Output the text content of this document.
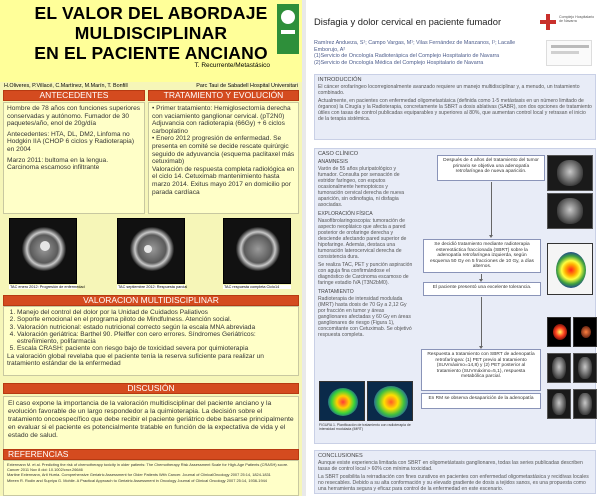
EL VALOR DEL ABORDAJE
MULDISCIPLINAR
EN EL PACIENTE ANCIANO
T. Recurrente/Metastásico
H.Oliveres, P.Villacé, C.Martínez, M.Marín, T. Bonfill	Parc Taui de Sabadell Hospital Universitari
ANTECEDENTES

Hombre de 78 años con funciones superiores conservadas y autónomo. Fumador de 30 paquetes/año, enol de 20g/día

Antecedentes: HTA, DL, DM2, Linfoma no Hodgkin IIA (CHOP 6 ciclos y Radioterapia) en 2004

Marzo 2011: bultoma en la lengua. Carcinoma escamoso infiltrante

TRATAMIENTO Y EVOLUCIÓN

• Primer tratamiento: Hemiglosectomía derecha con vaciamiento ganglionar cervical. (pT2N0) Adjuvancia con radioterapia (66Gy) + 6 ciclos carboplatino

• Enero 2012 progresión de enfermedad. Se presenta en comité se decide rescate quirúrgic seguido de adyuvancia (esquema paclitaxel más cetuximab)

Valoración de respuesta completa radiológica en el ciclo 14. Cetuximab mantenimiento hasta marzo 2014. Exitus mayo 2017 en domicilio por parada cardíaca

TAC enero 2012: Progresión de enfermedad	TAC septiembre 2012: Respuesta parcial	TAC respuesta completa Ciclo14
VALORACION MULTIDISCIPLINAR
1. Manejo del control del dolor por la Unidad de Cuidados Paliativos
2. Soporte emocional en el programa piloto de Mindfulness. Atención social.
3. Valoración nutricional: estado nutricional correcto según la escala MNA abreviada
4. Valoración geriátrica: Barthel 90. Pfeiffer con cero errores. Síndromes Geriátricos: estreñimiento, polifarmacia
5. Escala CRASH: paciente con riesgo bajo de toxicidad severa por quimioterapia
La valoración global revelaba que el paciente tenía la reserva suficiente para realizar un tratamiento estándar de la enfermedad
DISCUSIÓN
El caso expone la importancia de la valoración multidisciplinar del paciente anciano y la evolución favorable de un largo respondedor a la quimioterapia. La decisión sobre el tratamiento oncoespecífico que debe recibir el paciente geriátrico debe basarse principalmente en evaluar si el paciente es potencialmente tratable en función de la expectativa de vida y el estado de salud.
REFERENCIAS
Extermann M. et al. Predicting the risk of chemotherapy toxicity in older patients: The Chemotherapy Risk Assessment Scale for High-Age Patients (CRASH) score. Cancer 2011 Nov 8 doi: 10.1002/cncr.26646
Martine Extermann, Arti Hurria. Comprehensive Geriatric Assessment for Older Patients With Cancer. Journal of ClinicalOncology 2007 25:14, 1824-1831
Mireen R. Rodin and Supriya G. Mohile. A Practical Approach to Geriatric Assessment in Oncology Journal of Clinical Oncology 2007 25:14, 1936-1944
Disfagia y dolor cervical en paciente fumador	Complejo Hospitalario de Navarra
Ramírez Andueza, S¹; Campo Vargas, M¹; Vilas Fernández de Manzanos, I¹; Lacalle Emborujo, A²
(1)Servicio de Oncología Radioterápica del Complejo Hospitalario de Navarra
(2)Servicio de Oncología Médica del Complejo Hospitalario de Navarra
INTRODUCCIÓN
El cáncer orofaríngeo locorregionalmente avanzado requiere un manejo multidisciplinar y, a menudo, un tratamiento combinado.
Actualmente, en pacientes con enfermedad oligometastásica (definida como 1-5 metástasis en un número limitado de órganos) la Cirugía y la Radioterapia, concretamente la SBRT a dosis ablativas (SABR), son dos opciones de tratamiento útiles con tasas de control publicadas equiparables y superiores al 80%, que aumentan control local y retrasan el inicio de la terapia sistémica.
CASO CLÍNICO
ANAMNESIS
Varón de 55 años pluripatológico y fumador. Consulta por sensación de estridor faríngeo, con esputos ocasionalmente hemoptoicos y tumoración cervical derecha de nueva aparición, sin odinofagia, ni disfagia asociadas.
EXPLORACIÓN FÍSICA
Nasofibrolaringoscopia: tumoración de aspecto neoplásico que afecta a pared posterior de orofaringe derecha y desciende afectando pared superior de hipofaringe. Además, destaca una tumoración laterocervical derecha de consistencia dura.
Se realiza TAC, PET y punción aspiración con aguja fina confirmándose el diagnóstico de Carcinoma escamoso de faringe estadio IVA (T3N2bM0).
TRATAMIENTO
Radioterapia de intensidad modulada (IMRT) hasta dosis de 70 Gy a 2,12 Gy por fracción en tumor y áreas ganglionares afectadas y 60 Gy en áreas ganglionares de riesgo (Figura 1), concomitante con Cetuximab. Se objetivó respuesta completa.
FIGURA 1. Planificación de tratamiento con radioterapia de intensidad modulada (IMRT)
Después de 4 años del tratamiento del tumor primario se objetiva una adenopatía retrofaríngea de nueva aparición.
Se decidió tratamiento mediante radioterapia estereotáctica fraccionada (SBRT) sobre la adenopatía retrofaríngea izquierda, según esquema 50 Gy en 5 fracciones de 10 Gy, a días alternos.
El paciente presentó una excelente tolerancia.
Respuesta a tratamiento con SBRT de adenopatía retrofaríngea: (1) PET previo al tratamiento (SUVmáximo=14,8) y (2) PET posterior al tratamiento (SUVmáximo=5,1), respuesta metabólica parcial.
En RM se observa desaparición de la adenopatía
CONCLUSIONES
Aunque existe experiencia limitada con SBRT en oligometástasis ganglionares, todas las series publicadas describen tasas de control local > 60% con mínima toxicidad.
La SBRT posibilita la reirradiación con fines curativos en pacientes con enfermedad oligometastásica y recidivas locales no resecables. Debido a su alta conformación y su elevado gradiente de dosis a tejidos sanos, es una propuesta como una herramienta segura y eficaz para control de la enfermedad en este escenario.
